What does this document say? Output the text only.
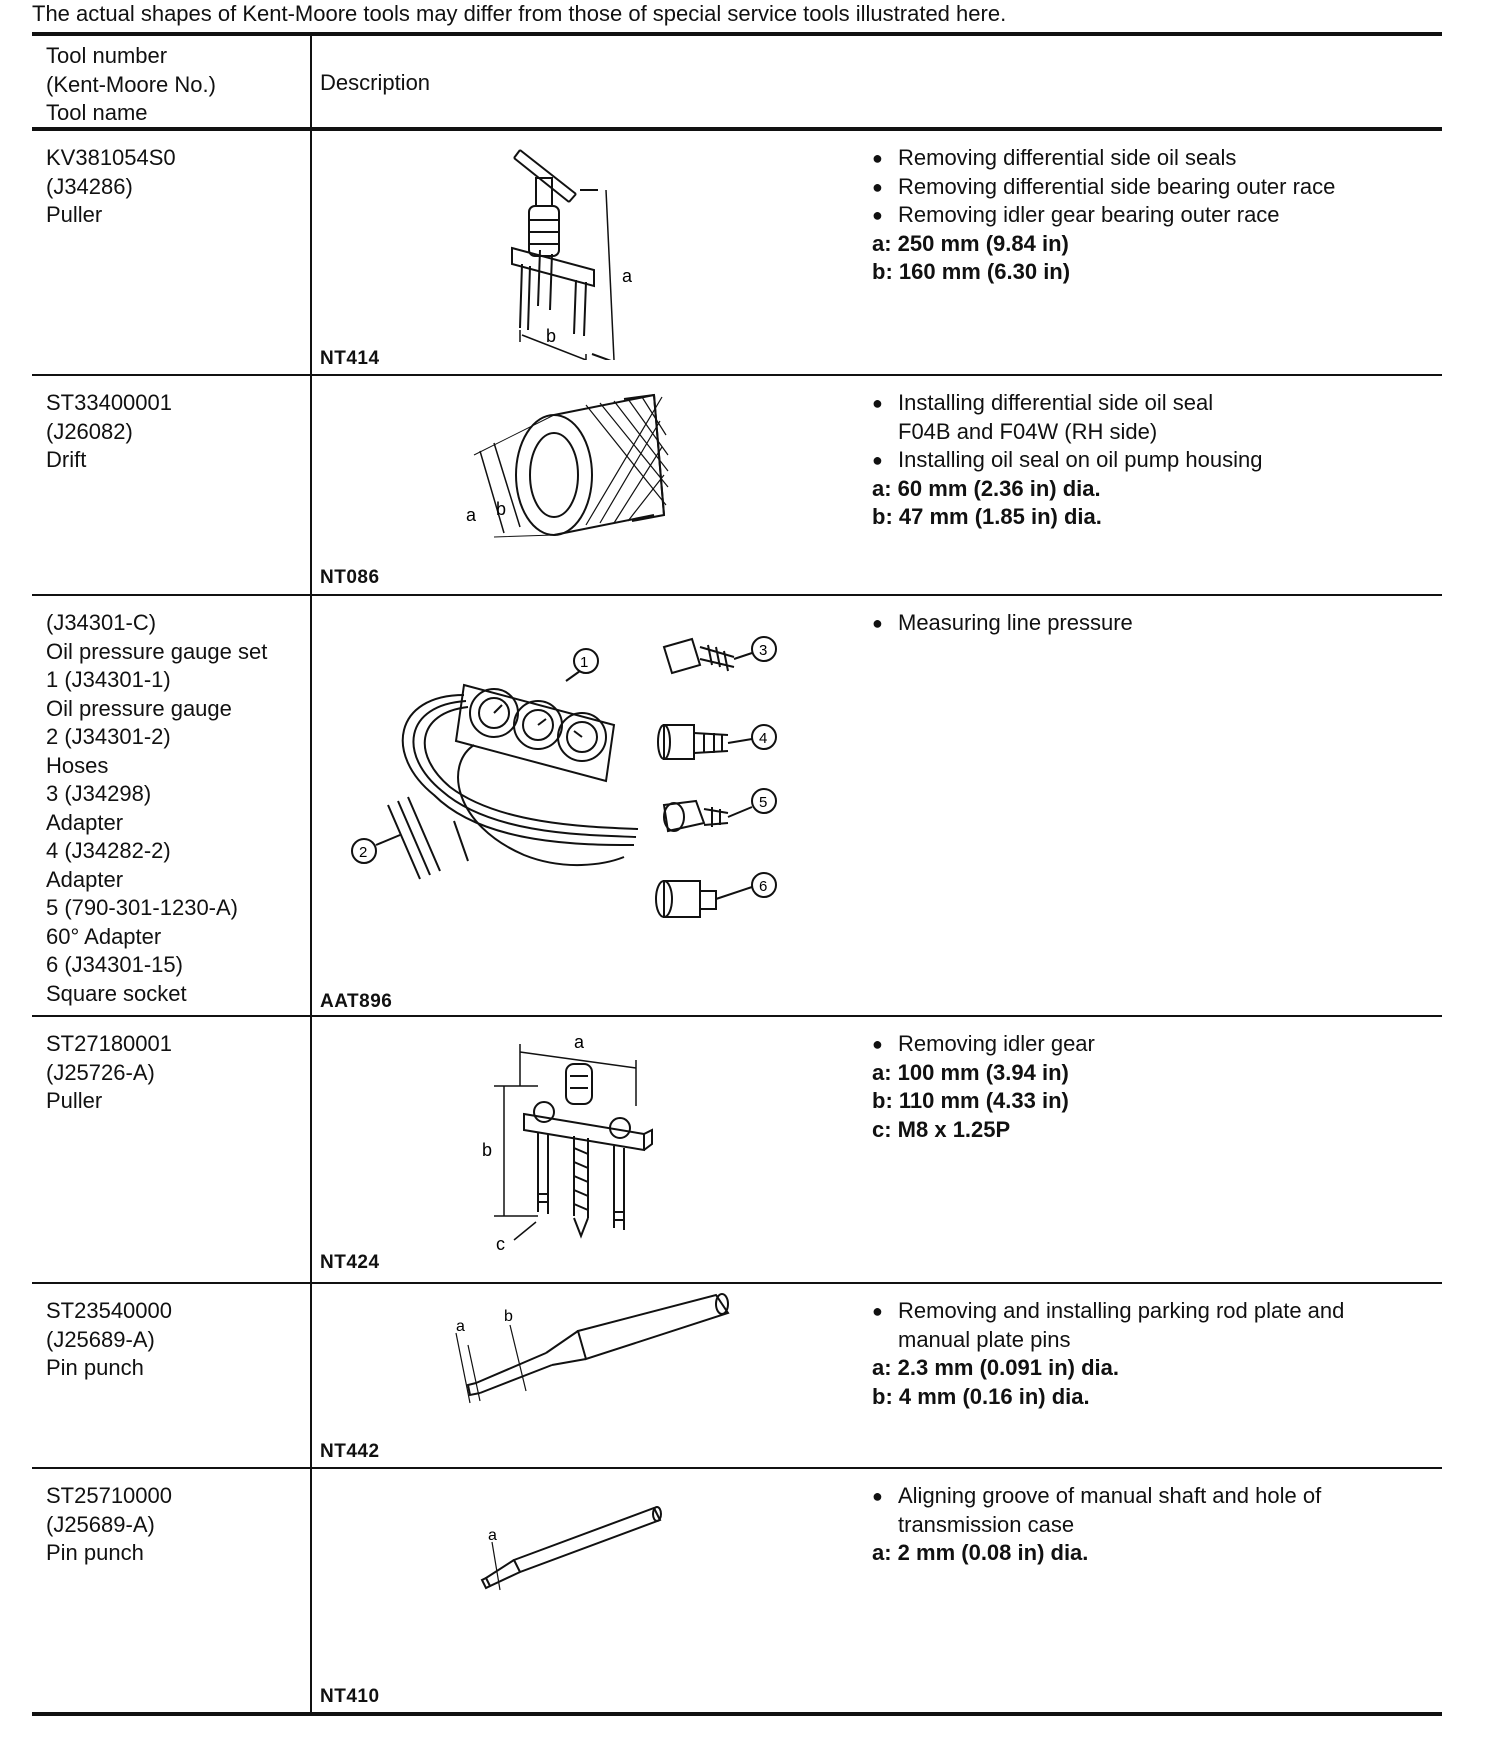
The actual shapes of Kent-Moore tools may differ from those of special service tools illustrated here.
Tool number
(Kent-Moore No.)
Tool name
Description
KV381054S0
(J34286)
Puller
a
b
NT414
● Removing differential side oil seals
● Removing differential side bearing outer race
● Removing idler gear bearing outer race
a: 250 mm (9.84 in)
b: 160 mm (6.30 in)
ST33400001
(J26082)
Drift
a b
NT086
● Installing differential side oil seal
F04B and F04W (RH side)
● Installing oil seal on oil pump housing
a: 60 mm (2.36 in) dia.
b: 47 mm (1.85 in) dia.
(J34301-C)
Oil pressure gauge set
1 (J34301-1)
Oil pressure gauge
2 (J34301-2)
Hoses
3 (J34298)
Adapter
4 (J34282-2)
Adapter
5 (790-301-1230-A)
60° Adapter
6 (J34301-15)
Square socket
1
2
3
4
5
6
AAT896
● Measuring line pressure
ST27180001
(J25726-A)
Puller
a
b
c
NT424
● Removing idler gear
a: 100 mm (3.94 in)
b: 110 mm (4.33 in)
c: M8 x 1.25P
ST23540000
(J25689-A)
Pin punch
a
b
NT442
● Removing and installing parking rod plate and
manual plate pins
a: 2.3 mm (0.091 in) dia.
b: 4 mm (0.16 in) dia.
ST25710000
(J25689-A)
Pin punch
a
NT410
● Aligning groove of manual shaft and hole of
transmission case
a: 2 mm (0.08 in) dia.
